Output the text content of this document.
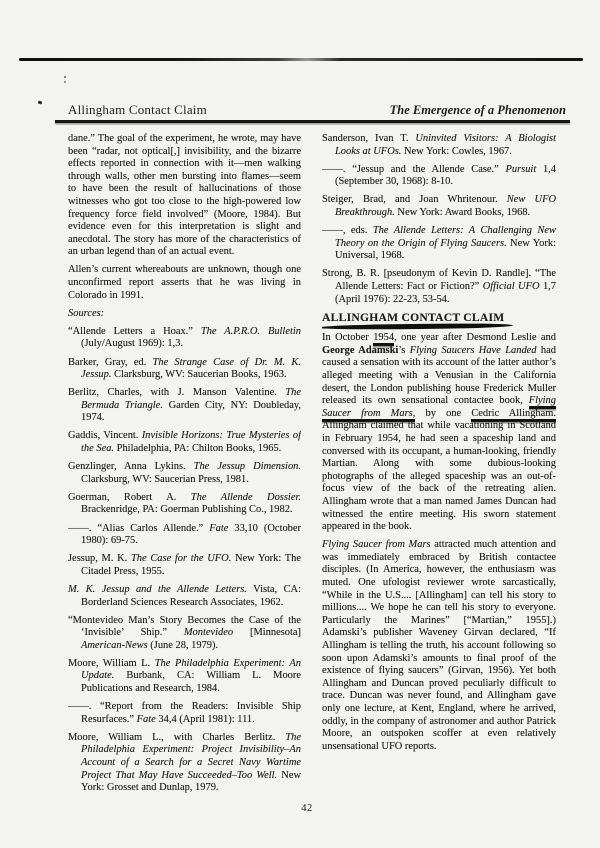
Allingham Contact Claim	The Emergence of a Phenomenon

dane.” The goal of the experiment, he wrote, may have been “radar, not optical[,] invisibility, and the bizarre effects reported in connection with it—men walking through walls, other men bursting into flames—seem to have been the result of hallucinations of those witnesses who got too close to the high-powered low frequency force field involved” (Moore, 1984). But evidence even for this interpretation is slight and anecdotal. The story has more of the characteristics of an urban legend than of an actual event.

Allen’s current whereabouts are unknown, though one unconfirmed report asserts that he was living in Colorado in 1991.

Sources:

“Allende Letters a Hoax.” The A.P.R.O. Bulletin (July/August 1969): 1,3.

Barker, Gray, ed. The Strange Case of Dr. M. K. Jessup. Clarksburg, WV: Saucerian Books, 1963.

Berlitz, Charles, with J. Manson Valentine. The Bermuda Triangle. Garden City, NY: Doubleday, 1974.

Gaddis, Vincent. Invisible Horizons: True Mysteries of the Sea. Philadelphia, PA: Chilton Books, 1965.

Genzlinger, Anna Lykins. The Jessup Dimension. Clarksburg, WV: Saucerian Press, 1981.

Goerman, Robert A. The Allende Dossier. Brackenridge, PA: Goerman Publishing Co., 1982.

——. “Alias Carlos Allende.” Fate 33,10 (October 1980): 69-75.

Jessup, M. K. The Case for the UFO. New York: The Citadel Press, 1955.

M. K. Jessup and the Allende Letters. Vista, CA: Borderland Sciences Research Associates, 1962.

“Montevideo Man’s Story Becomes the Case of the ‘Invisible’ Ship.” Montevideo [Minnesota] American-News (June 28, 1979).

Moore, William L. The Philadelphia Experiment: An Update. Burbank, CA: William L. Moore Publications and Research, 1984.

——. “Report from the Readers: Invisible Ship Resurfaces.” Fate 34,4 (April 1981): 111.

Moore, William L., with Charles Berlitz. The Philadelphia Experiment: Project Invisibility–An Account of a Search for a Secret Navy Wartime Project That May Have Succeeded–Too Well. New York: Grosset and Dunlap, 1979.

Sanderson, Ivan T. Uninvited Visitors: A Biologist Looks at UFOs. New York: Cowles, 1967.

——. “Jessup and the Allende Case.” Pursuit 1,4 (September 30, 1968): 8-10.

Steiger, Brad, and Joan Whritenour. New UFO Breakthrough. New York: Award Books, 1968.

——, eds. The Allende Letters: A Challenging New Theory on the Origin of Flying Saucers. New York: Universal, 1968.

Strong, B. R. [pseudonym of Kevin D. Randle]. “The Allende Letters: Fact or Fiction?” Official UFO 1,7 (April 1976): 22-23, 53-54.

ALLINGHAM CONTACT CLAIM

In October 1954, one year after Desmond Leslie and George Adamski’s Flying Saucers Have Landed had caused a sensation with its account of the latter author’s alleged meeting with a Venusian in the California desert, the London publishing house Frederick Muller released its own sensational contactee book, Flying Saucer from Mars, by one Cedric Allingham. Allingham claimed that while vacationing in Scotland in February 1954, he had seen a spaceship land and conversed with its occupant, a human-looking, friendly Martian. Along with some dubious-looking photographs of the alleged spaceship was an out-of-focus view of the back of the retreating alien. Allingham wrote that a man named James Duncan had witnessed the entire meeting. His sworn statement appeared in the book.

Flying Saucer from Mars attracted much attention and was immediately embraced by British contactee disciples. (In America, however, the enthusiasm was muted. One ufologist reviewer wrote sarcastically, “While in the U.S.... [Allingham] can tell his story to millions.... We hope he can tell his story to everyone. Particularly the Marines” [“Martian,” 1955].) Adamski’s publisher Waveney Girvan declared, “If Allingham is telling the truth, his account following so soon upon Adamski’s amounts to final proof of the existence of flying saucers” (Girvan, 1956). Yet both Allingham and Duncan proved peculiarly difficult to trace. Duncan was never found, and Allingham gave only one lecture, at Kent, England, where he arrived, oddly, in the company of astronomer and author Patrick Moore, an outspoken scoffer at even relatively unsensational UFO reports.

42
